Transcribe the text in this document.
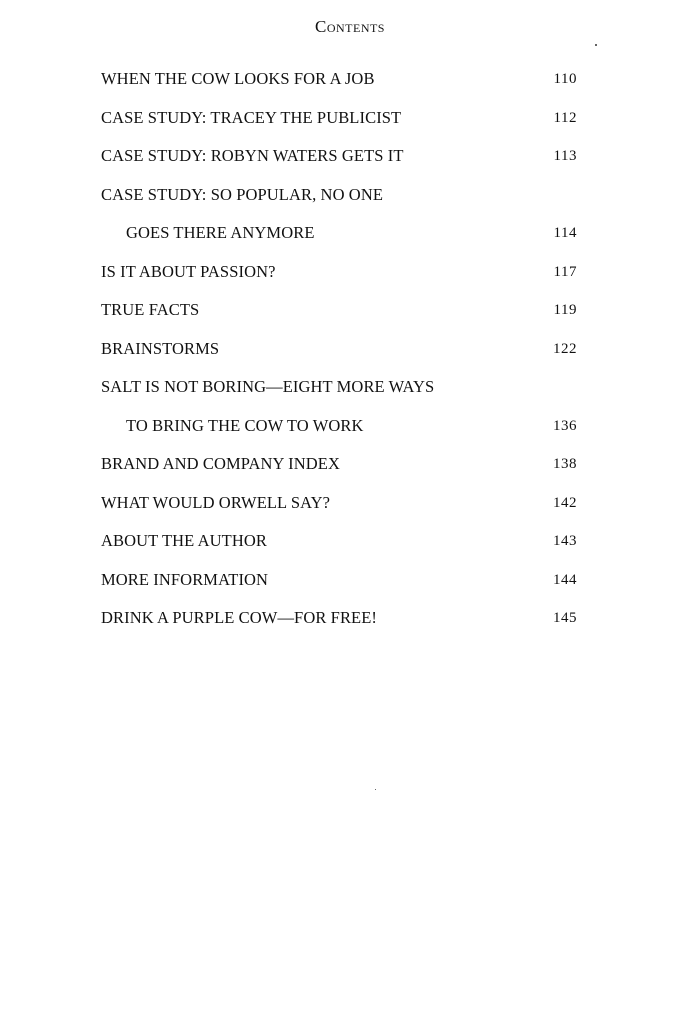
Contents
WHEN THE COW LOOKS FOR A JOB	110
CASE STUDY: TRACEY THE PUBLICIST	112
CASE STUDY: ROBYN WATERS GETS IT	113
CASE STUDY: SO POPULAR, NO ONE
GOES THERE ANYMORE	114
IS IT ABOUT PASSION?	117
TRUE FACTS	119
BRAINSTORMS	122
SALT IS NOT BORING—EIGHT MORE WAYS
TO BRING THE COW TO WORK	136
BRAND AND COMPANY INDEX	138
WHAT WOULD ORWELL SAY?	142
ABOUT THE AUTHOR	143
MORE INFORMATION	144
DRINK A PURPLE COW—FOR FREE!	145
